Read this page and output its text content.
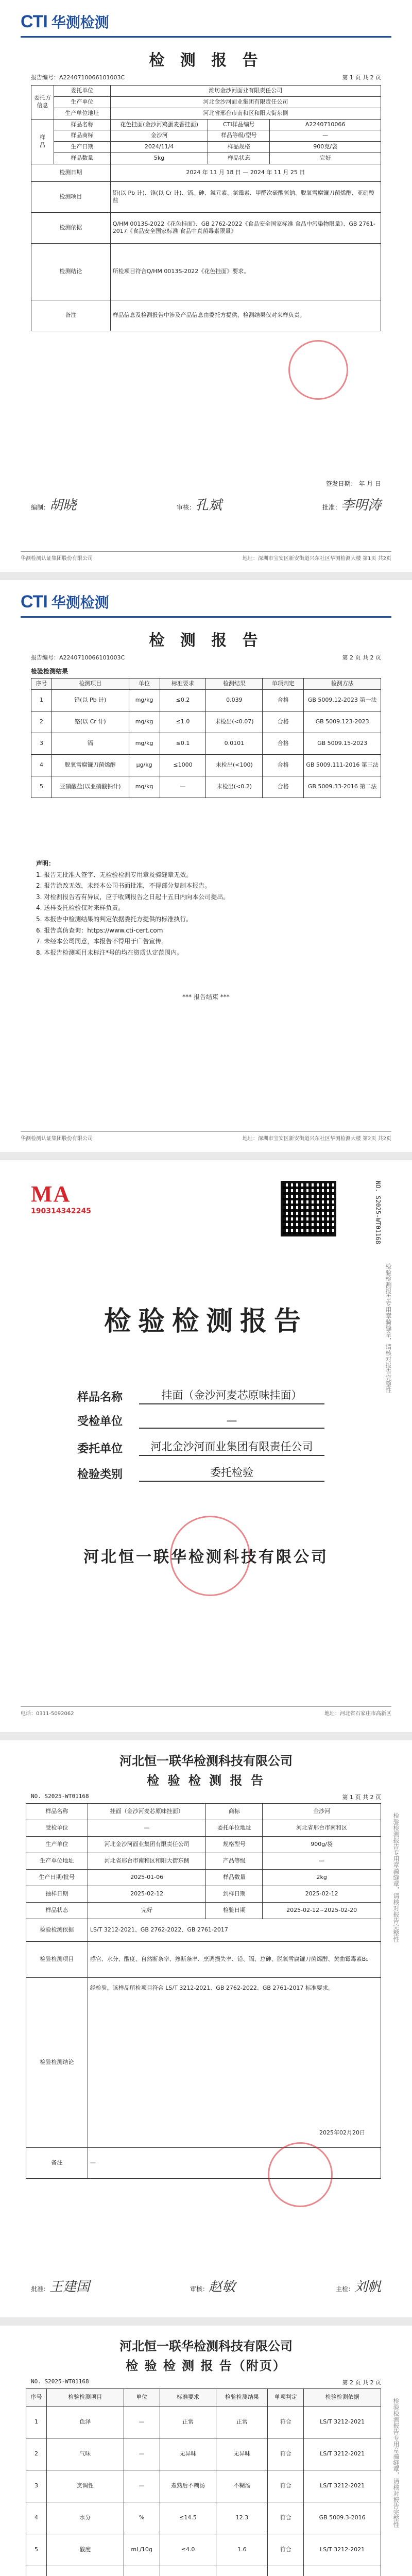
CTI 华测检测
检 测 报 告
报告编号：A2240710066101003C	第 1 页 共 2 页
委托方信息	委托单位	潍坊金沙河面业有限责任公司		
	生产单位	河北金沙河面业集团有限责任公司		
	生产单位地址	河北省邢台市南和区和阳大街东侧		
样
品	样品名称	花色挂面(金沙河鸡蛋麦香挂面)	CTI样品编号	A2240710066
	样品商标	金沙河	样品等级/型号	—
	生产日期	2024/11/4	样品规格	900克/袋
	样品数量	5kg	样品状态	完好
检测日期		2024 年 11 月 18 日 — 2024 年 11 月 25 日		
检测项目		铅(以 Pb 计)、铬(以 Cr 计)、镉、砷、氮元素、氯霉素、甲醛次硫酸氢钠、脱氧雪腐镰刀菌烯醇、亚硝酸盐		
检测依据		Q/HM 0013S-2022《花色挂面》、GB 2762-2022《食品安全国家标准 食品中污染物限量》、GB 2761-2017《食品安全国家标准 食品中真菌毒素限量》		
检测结论		所检项目符合Q/HM 0013S-2022《花色挂面》要求。		
备注		样品信息及检测报告中涉及产品信息由委托方提供，检测结果仅对来样负责。		
编制：胡晓	审核：孔斌	批准：李明涛
签发日期： 年 月 日
华测检测认证集团股份有限公司	地址：深圳市宝安区新安街道兴东社区华测检测大楼 第1页 共2页
CTI 华测检测
检 测 报 告
报告编号：A2240710066101003C	第 2 页 共 2 页
检验检测结果
序号	检测项目	单位	标准要求	检测结果	单项判定	检测方法
1	铅(以 Pb 计)	mg/kg	≤0.2	0.039	合格	GB 5009.12-2023 第一法
2	铬(以 Cr 计)	mg/kg	≤1.0	未检出(<0.07)	合格	GB 5009.123-2023
3	镉	mg/kg	≤0.1	0.0101	合格	GB 5009.15-2023
4	脱氧雪腐镰刀菌烯醇	μg/kg	≤1000	未检出(<100)	合格	GB 5009.111-2016 第三法
5	亚硝酸盐(以亚硝酸钠计)	mg/kg	—	未检出(<0.2)	合格	GB 5009.33-2016 第二法
声明：
1. 报告无批准人签字、无检验检测专用章及骑缝章无效。
2. 报告涂改无效，未经本公司书面批准，不得部分复制本报告。
3. 对检测报告若有异议，应于收到报告之日起十五日内向本公司提出。
4. 送样委托检验仅对来样负责。
5. 本报告中检测结果的判定依据委托方提供的标准执行。
6. 报告真伪查询：https://www.cti-cert.com
7. 未经本公司同意，本报告不得用于广告宣传。
8. 本报告检测项目未标注*号的均在资质认定范围内。
*** 报告结束 ***
华测检测认证集团股份有限公司	地址：深圳市宝安区新安街道兴东社区华测检测大楼 第2页 共2页
MA
190314342245	NO. S2025-WT01168
检验检测报告专用章骑缝章，请核对报告完整性
检验检测报告
样品名称	挂面（金沙河麦芯原味挂面）
受检单位	—
委托单位	河北金沙河面业集团有限责任公司
检验类别	委托检验
河北恒一联华检测科技有限公司
电话：0311-5092062	地址：河北省石家庄市高新区
河北恒一联华检测科技有限公司
检 验 检 测 报 告
NO. S2025-WT01168	第 1 页 共 2 页
检验检测报告专用章骑缝章，请核对报告完整性
样品名称	挂面（金沙河麦芯原味挂面）	商标	金沙河
受检单位	—	委托单位地址	河北省邢台市南和区
生产单位	河北金沙河面业集团有限责任公司	规格型号	900g/袋
生产单位地址	河北省邢台市南和区和阳大街东侧	产品等级	—
生产日期/批号	2025-01-06	样品数量	2kg
抽样日期	2025-02-12	到样日期	2025-02-12
样品状态	完好	检验日期	2025-02-12~2025-02-20
检验检测依据	LS/T 3212-2021、GB 2762-2022、GB 2761-2017		
检验检测项目	感官、水分、酸度、自然断条率、熟断条率、烹调损失率、铅、镉、总砷、脱氧雪腐镰刀菌烯醇、黄曲霉毒素B₁		
检验检测结论	经检验，该样品所检项目符合 LS/T 3212-2021、GB 2762-2022、GB 2761-2017 标准要求。
2025年02月20日		

备注	—		
批准：王建国	审核：赵敏	主检：刘帆
河北恒一联华检测科技有限公司
检 验 检 测 报 告（附页）
NO. S2025-WT01168	第 2 页 共 2 页
检验检测报告专用章骑缝章，请核对报告完整性
序号	检验检测项目	单位	标准要求	检验检测结果	单项判定	检验检测依据
1	色泽	—	正常	正常	符合	LS/T 3212-2021
2	气味	—	无异味	无异味	符合	LS/T 3212-2021
3	烹调性	—	煮熟后不糊汤	不糊汤	符合	LS/T 3212-2021
4	水分	%	≤14.5	12.3	符合	GB 5009.3-2016
5	酸度	mL/10g	≤4.0	1.6	符合	LS/T 3212-2021
